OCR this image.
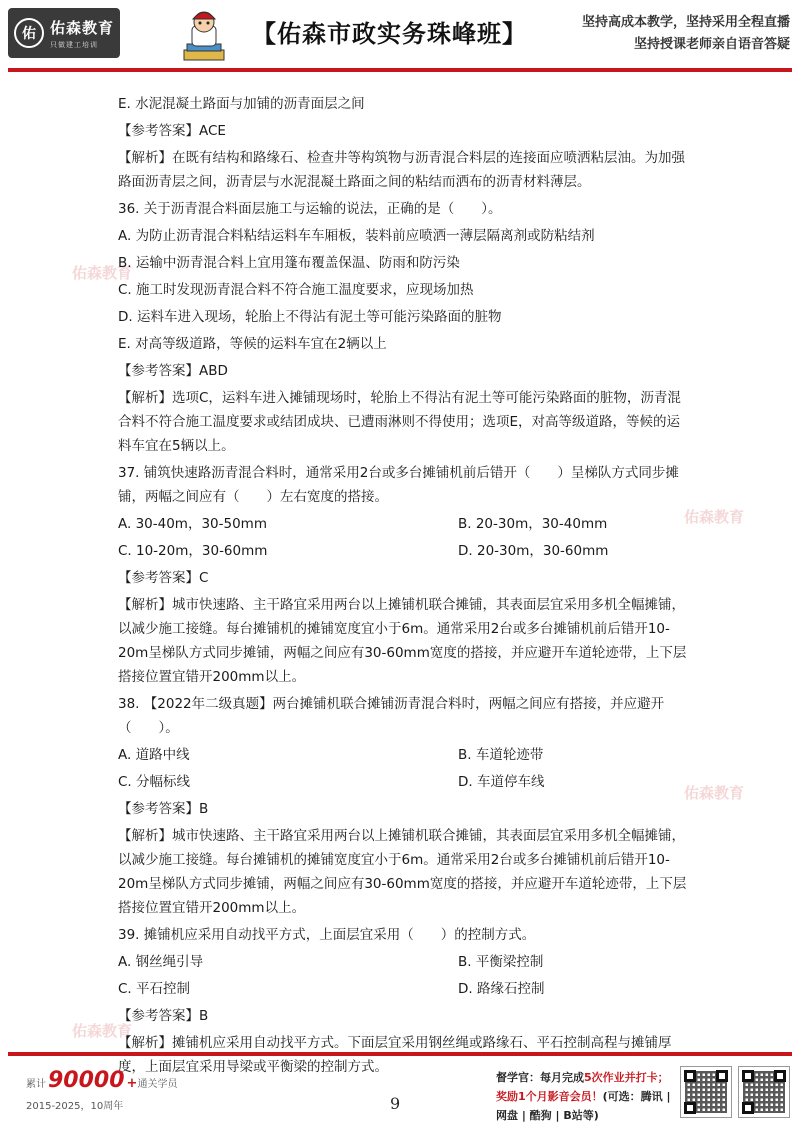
佑 佑森教育
只做建工培训	【佑森市政实务珠峰班】	坚持高成本教学，坚持采用全程直播
坚持授课老师亲自语音答疑
佑森教育
佑森教育
佑森教育
佑森教育
E. 水泥混凝土路面与加铺的沥青面层之间
【参考答案】ACE
【解析】在既有结构和路缘石、检查井等构筑物与沥青混合料层的连接面应喷洒粘层油。为加强路面沥青层之间，沥青层与水泥混凝土路面之间的粘结而洒布的沥青材料薄层。
36. 关于沥青混合料面层施工与运输的说法，正确的是（　　）。
A. 为防止沥青混合料粘结运料车车厢板，装料前应喷洒一薄层隔离剂或防粘结剂
B. 运输中沥青混合料上宜用篷布覆盖保温、防雨和防污染
C. 施工时发现沥青混合料不符合施工温度要求，应现场加热
D. 运料车进入现场，轮胎上不得沾有泥土等可能污染路面的脏物
E. 对高等级道路，等候的运料车宜在2辆以上
【参考答案】ABD
【解析】选项C，运料车进入摊铺现场时，轮胎上不得沾有泥土等可能污染路面的脏物，沥青混合料不符合施工温度要求或结团成块、已遭雨淋则不得使用；选项E，对高等级道路，等候的运料车宜在5辆以上。
37. 铺筑快速路沥青混合料时，通常采用2台或多台摊铺机前后错开（　　）呈梯队方式同步摊铺，两幅之间应有（　　）左右宽度的搭接。
A. 30-40m，30-50mm	B. 20-30m，30-40mm
C. 10-20m，30-60mm	D. 20-30m，30-60mm
【参考答案】C
【解析】城市快速路、主干路宜采用两台以上摊铺机联合摊铺，其表面层宜采用多机全幅摊铺，以减少施工接缝。每台摊铺机的摊铺宽度宜小于6m。通常采用2台或多台摊铺机前后错开10-20m呈梯队方式同步摊铺，两幅之间应有30-60mm宽度的搭接，并应避开车道轮迹带，上下层搭接位置宜错开200mm以上。
38. 【2022年二级真题】两台摊铺机联合摊铺沥青混合料时，两幅之间应有搭接，并应避开（　　）。
A. 道路中线	B. 车道轮迹带
C. 分幅标线	D. 车道停车线
【参考答案】B
【解析】城市快速路、主干路宜采用两台以上摊铺机联合摊铺，其表面层宜采用多机全幅摊铺，以减少施工接缝。每台摊铺机的摊铺宽度宜小于6m。通常采用2台或多台摊铺机前后错开10-20m呈梯队方式同步摊铺，两幅之间应有30-60mm宽度的搭接，并应避开车道轮迹带，上下层搭接位置宜错开200mm以上。
39. 摊铺机应采用自动找平方式，上面层宜采用（　　）的控制方式。
A. 钢丝绳引导	B. 平衡梁控制
C. 平石控制	D. 路缘石控制
【参考答案】B
【解析】摊铺机应采用自动找平方式。下面层宜采用钢丝绳或路缘石、平石控制高程与摊铺厚度，上面层宜采用导梁或平衡梁的控制方式。
累计 90000 + 通关学员
2015-2025，10周年	9
督学官：每月完成5次作业并打卡；
奖励1个月影音会员！(可选：腾讯 |
网盘 | 酷狗 | B站等)
